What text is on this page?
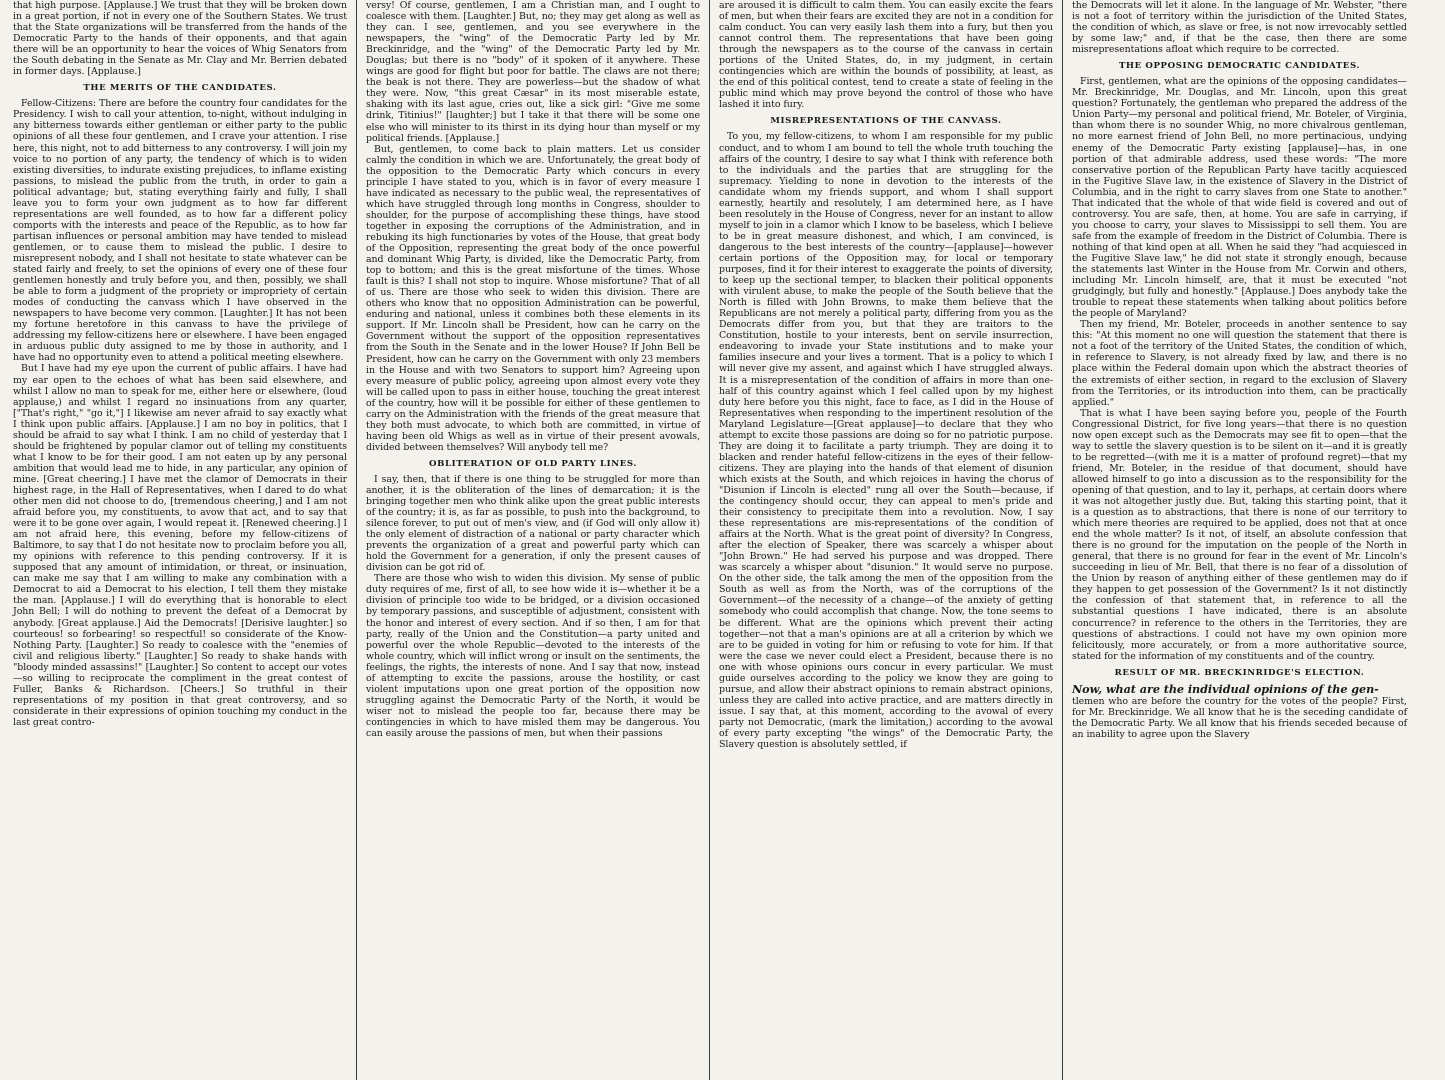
that high purpose. [Applause.] We trust that they will be broken down in a great portion, if not in every one of the Southern States. We trust that the State organizations will be transferred from the hands of the Democratic Party to the hands of their opponents, and that again there will be an opportunity to hear the voices of Whig Senators from the South debating in the Senate as Mr. Clay and Mr. Berrien debated in former days. [Applause.]

THE MERITS OF THE CANDIDATES.

Fellow-Citizens: There are before the country four candidates for the Presidency. I wish to call your attention, to-night, without indulging in any bitterness towards either gentleman or either party to the public opinions of all these four gentlemen, and I crave your attention. I rise here, this night, not to add bitterness to any controversy. I will join my voice to no portion of any party, the tendency of which is to widen existing diversities, to indurate existing prejudices, to inflame existing passions, to mislead the public from the truth, in order to gain a political advantage; but, stating everything fairly and fully, I shall leave you to form your own judgment as to how far different representations are well founded, as to how far a different policy comports with the interests and peace of the Republic, as to how far partisan influences or personal ambition may have tended to mislead gentlemen, or to cause them to mislead the public. I desire to misrepresent nobody, and I shall not hesitate to state whatever can be stated fairly and freely, to set the opinions of every one of these four gentlemen honestly and truly before you, and then, possibly, we shall be able to form a judgment of the propriety or impropriety of certain modes of conducting the canvass which I have observed in the newspapers to have become very common. [Laughter.] It has not been my fortune heretofore in this canvass to have the privilege of addressing my fellow-citizens here or elsewhere. I have been engaged in arduous public duty assigned to me by those in authority, and I have had no opportunity even to attend a political meeting elsewhere.

But I have had my eye upon the current of public affairs. I have had my ear open to the echoes of what has been said elsewhere, and whilst I allow no man to speak for me, either here or elsewhere, (loud applause,) and whilst I regard no insinuations from any quarter, ["That's right," "go it,"] I likewise am never afraid to say exactly what I think upon public affairs. [Applause.] I am no boy in politics, that I should be afraid to say what I think. I am no child of yesterday that I should be frightened by popular clamor out of telling my constituents what I know to be for their good. I am not eaten up by any personal ambition that would lead me to hide, in any particular, any opinion of mine. [Great cheering.] I have met the clamor of Democrats in their highest rage, in the Hall of Representatives, when I dared to do what other men did not choose to do, [tremendous cheering,] and I am not afraid before you, my constituents, to avow that act, and to say that were it to be gone over again, I would repeat it. [Renewed cheering.] I am not afraid here, this evening, before my fellow-citizens of Baltimore, to say that I do not hesitate now to proclaim before you all, my opinions with reference to this pending controversy. If it is supposed that any amount of intimidation, or threat, or insinuation, can make me say that I am willing to make any combination with a Democrat to aid a Democrat to his election, I tell them they mistake the man. [Applause.] I will do everything that is honorable to elect John Bell; I will do nothing to prevent the defeat of a Democrat by anybody. [Great applause.] Aid the Democrats! [Derisive laughter.] so courteous! so forbearing! so respectful! so considerate of the Know-Nothing Party. [Laughter.] So ready to coalesce with the "enemies of civil and religious liberty." [Laughter.] So ready to shake hands with "bloody minded assassins!" [Laughter.] So content to accept our votes—so willing to reciprocate the compliment in the great contest of Fuller, Banks & Richardson. [Cheers.] So truthful in their representations of my position in that great controversy, and so considerate in their expressions of opinion touching my conduct in the last great contro-

versy! Of course, gentlemen, I am a Christian man, and I ought to coalesce with them. [Laughter.] But, no; they may get along as well as they can. I see, gentlemen, and you see everywhere in the newspapers, the "wing" of the Democratic Party led by Mr. Breckinridge, and the "wing" of the Democratic Party led by Mr. Douglas; but there is no "body" of it spoken of it anywhere. These wings are good for flight but poor for battle. The claws are not there; the beak is not there. They are powerless—but the shadow of what they were. Now, "this great Cæsar" in its most miserable estate, shaking with its last ague, cries out, like a sick girl: "Give me some drink, Titinius!" [laughter;] but I take it that there will be some one else who will minister to its thirst in its dying hour than myself or my political friends. [Applause.]

But, gentlemen, to come back to plain matters. Let us consider calmly the condition in which we are. Unfortunately, the great body of the opposition to the Democratic Party which concurs in every principle I have stated to you, which is in favor of every measure I have indicated as necessary to the public weal, the representatives of which have struggled through long months in Congress, shoulder to shoulder, for the purpose of accomplishing these things, have stood together in exposing the corruptions of the Administration, and in rebuking its high functionaries by votes of the House, that great body of the Opposition, representing the great body of the once powerful and dominant Whig Party, is divided, like the Democratic Party, from top to bottom; and this is the great misfortune of the times. Whose fault is this? I shall not stop to inquire. Whose misfortune? That of all of us. There are those who seek to widen this division. There are others who know that no opposition Administration can be powerful, enduring and national, unless it combines both these elements in its support. If Mr. Lincoln shall be President, how can he carry on the Government without the support of the opposition representatives from the South in the Senate and in the lower House? If John Bell be President, how can he carry on the Government with only 23 members in the House and with two Senators to support him? Agreeing upon every measure of public policy, agreeing upon almost every vote they will be called upon to pass in either house, touching the great interest of the country, how will it be possible for either of these gentlemen to carry on the Administration with the friends of the great measure that they both must advocate, to which both are committed, in virtue of having been old Whigs as well as in virtue of their present avowals, divided between themselves? Will anybody tell me?

OBLITERATION OF OLD PARTY LINES.

I say, then, that if there is one thing to be struggled for more than another, it is the obliteration of the lines of demarcation; it is the bringing together men who think alike upon the great public interests of the country; it is, as far as possible, to push into the background, to silence forever, to put out of men's view, and (if God will only allow it) the only element of distraction of a national or party character which prevents the organization of a great and powerful party which can hold the Government for a generation, if only the present causes of division can be got rid of.

There are those who wish to widen this division. My sense of public duty requires of me, first of all, to see how wide it is—whether it be a division of principle too wide to be bridged, or a division occasioned by temporary passions, and susceptible of adjustment, consistent with the honor and interest of every section. And if so then, I am for that party, really of the Union and the Constitution—a party united and powerful over the whole Republic—devoted to the interests of the whole country, which will inflict wrong or insult on the sentiments, the feelings, the rights, the interests of none. And I say that now, instead of attempting to excite the passions, arouse the hostility, or cast violent imputations upon one great portion of the opposition now struggling against the Democratic Party of the North, it would be wiser not to mislead the people too far, because there may be contingencies in which to have misled them may be dangerous. You can easily arouse the passions of men, but when their passions

are aroused it is difficult to calm them. You can easily excite the fears of men, but when their fears are excited they are not in a condition for calm conduct. You can very easily lash them into a fury, but then you cannot control them. The representations that have been going through the newspapers as to the course of the canvass in certain portions of the United States, do, in my judgment, in certain contingencies which are within the bounds of possibility, at least, as the end of this political contest, tend to create a state of feeling in the public mind which may prove beyond the control of those who have lashed it into fury.

MISREPRESENTATIONS OF THE CANVASS.

To you, my fellow-citizens, to whom I am responsible for my public conduct, and to whom I am bound to tell the whole truth touching the affairs of the country, I desire to say what I think with reference both to the individuals and the parties that are struggling for the supremacy. Yielding to none in devotion to the interests of the candidate whom my friends support, and whom I shall support earnestly, heartily and resolutely, I am determined here, as I have been resolutely in the House of Congress, never for an instant to allow myself to join in a clamor which I know to be baseless, which I believe to be in great measure dishonest, and which, I am convinced, is dangerous to the best interests of the country—[applause]—however certain portions of the Opposition may, for local or temporary purposes, find it for their interest to exaggerate the points of diversity, to keep up the sectional temper, to blacken their political opponents with virulent abuse, to make the people of the South believe that the North is filled with John Browns, to make them believe that the Republicans are not merely a political party, differing from you as the Democrats differ from you, but that they are traitors to the Constitution, hostile to your interests, bent on servile insurrection, endeavoring to invade your State institutions and to make your families insecure and your lives a torment. That is a policy to which I will never give my assent, and against which I have struggled always. It is a misrepresentation of the condition of affairs in more than one-half of this country against which I feel called upon by my highest duty here before you this night, face to face, as I did in the House of Representatives when responding to the impertinent resolution of the Maryland Legislature—[Great applause]—to declare that they who attempt to excite those passions are doing so for no patriotic purpose. They are doing it to facilitate a party triumph. They are doing it to blacken and render hateful fellow-citizens in the eyes of their fellow-citizens. They are playing into the hands of that element of disunion which exists at the South, and which rejoices in having the chorus of "Disunion if Lincoln is elected" rung all over the South—because, if the contingency should occur, they can appeal to men's pride and their consistency to precipitate them into a revolution. Now, I say these representations are mis-representations of the condition of affairs at the North. What is the great point of diversity? In Congress, after the election of Speaker, there was scarcely a whisper about "John Brown." He had served his purpose and was dropped. There was scarcely a whisper about "disunion." It would serve no purpose. On the other side, the talk among the men of the opposition from the South as well as from the North, was of the corruptions of the Government—of the necessity of a change—of the anxiety of getting somebody who could accomplish that change. Now, the tone seems to be different. What are the opinions which prevent their acting together—not that a man's opinions are at all a criterion by which we are to be guided in voting for him or refusing to vote for him. If that were the case we never could elect a President, because there is no one with whose opinions ours concur in every particular. We must guide ourselves according to the policy we know they are going to pursue, and allow their abstract opinions to remain abstract opinions, unless they are called into active practice, and are matters directly in issue. I say that, at this moment, according to the avowal of every party not Democratic, (mark the limitation,) according to the avowal of every party excepting "the wings" of the Democratic Party, the Slavery question is absolutely settled, if

the Democrats will let it alone. In the language of Mr. Webster, "there is not a foot of territory within the jurisdiction of the United States, the condition of which, as slave or free, is not now irrevocably settled by some law;" and, if that be the case, then there are some misrepresentations afloat which require to be corrected.

THE OPPOSING DEMOCRATIC CANDIDATES.

First, gentlemen, what are the opinions of the opposing candidates—Mr. Breckinridge, Mr. Douglas, and Mr. Lincoln, upon this great question? Fortunately, the gentleman who prepared the address of the Union Party—my personal and political friend, Mr. Boteler, of Virginia, than whom there is no sounder Whig, no more chivalrous gentleman, no more earnest friend of John Bell, no more pertinacious, undying enemy of the Democratic Party existing [applause]—has, in one portion of that admirable address, used these words: "The more conservative portion of the Republican Party have tacitly acquiesced in the Fugitive Slave law, in the existence of Slavery in the District of Columbia, and in the right to carry slaves from one State to another." That indicated that the whole of that wide field is covered and out of controversy. You are safe, then, at home. You are safe in carrying, if you choose to carry, your slaves to Mississippi to sell them. You are safe from the example of freedom in the District of Columbia. There is nothing of that kind open at all. When he said they "had acquiesced in the Fugitive Slave law," he did not state it strongly enough, because the statements last Winter in the House from Mr. Corwin and others, including Mr. Lincoln himself, are, that it must be executed "not grudgingly, but fully and honestly." [Applause.] Does anybody take the trouble to repeat these statements when talking about politics before the people of Maryland?

Then my friend, Mr. Boteler, proceeds in another sentence to say this: "At this moment no one will question the statement that there is not a foot of the territory of the United States, the condition of which, in reference to Slavery, is not already fixed by law, and there is no place within the Federal domain upon which the abstract theories of the extremists of either section, in regard to the exclusion of Slavery from the Territories, or its introduction into them, can be practically applied."

That is what I have been saying before you, people of the Fourth Congressional District, for five long years—that there is no question now open except such as the Democrats may see fit to open—that the way to settle the slavery question is to be silent on it—and it is greatly to be regretted—(with me it is a matter of profound regret)—that my friend, Mr. Boteler, in the residue of that document, should have allowed himself to go into a discussion as to the responsibility for the opening of that question, and to lay it, perhaps, at certain doors where it was not altogether justly due. But, taking this starting point, that it is a question as to abstractions, that there is none of our territory to which mere theories are required to be applied, does not that at once end the whole matter? Is it not, of itself, an absolute confession that there is no ground for the imputation on the people of the North in general, that there is no ground for fear in the event of Mr. Lincoln's succeeding in lieu of Mr. Bell, that there is no fear of a dissolution of the Union by reason of anything either of these gentlemen may do if they happen to get possession of the Government? Is it not distinctly the confession of that statement that, in reference to all the substantial questions I have indicated, there is an absolute concurrence? in reference to the others in the Territories, they are questions of abstractions. I could not have my own opinion more felicitously, more accurately, or from a more authoritative source, stated for the information of my constituents and of the country.

RESULT OF MR. BRECKINRIDGE'S ELECTION.

Now, what are the individual opinions of the gen-

tlemen who are before the country for the votes of the people? First, for Mr. Breckinridge. We all know that he is the seceding candidate of the Democratic Party. We all know that his friends seceded because of an inability to agree upon the Slavery
